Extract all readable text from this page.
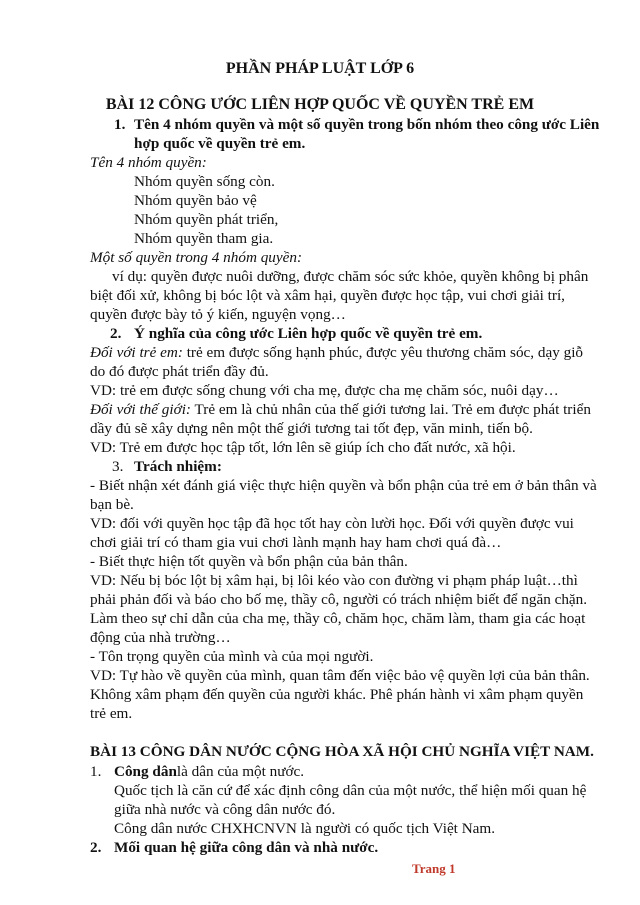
PHẦN PHÁP LUẬT LỚP 6
BÀI 12 CÔNG ƯỚC LIÊN HỢP QUỐC VỀ QUYỀN TRẺ EM
1. Tên 4 nhóm quyền và một số quyền trong bốn nhóm theo công ước Liên
hợp quốc về quyền trẻ em.
Tên 4 nhóm quyền:
Nhóm quyền sống còn.
Nhóm quyền bảo vệ
Nhóm quyền phát triển,
Nhóm quyền tham gia.
Một số quyền trong 4 nhóm quyền:
ví dụ: quyền được nuôi dưỡng, được chăm sóc sức khỏe, quyền không bị phân
biệt đối xử, không bị bóc lột và xâm hại, quyền được học tập, vui chơi giải trí,
quyền được bày tỏ ý kiến, nguyện vọng…
2. Ý nghĩa của công ước Liên hợp quốc về quyền trẻ em.
Đối với trẻ em: trẻ em được sống hạnh phúc, được yêu thương chăm sóc, dạy giỗ
do đó được phát triển đầy đủ.
VD: trẻ em được sống chung với cha mẹ, được cha mẹ chăm sóc, nuôi dạy…
Đối với thế giới: Trẻ em là chủ nhân của thế giới tương lai. Trẻ em được phát triển
dầy đủ sẽ xây dựng nên một thế giới tương tai tốt đẹp, văn minh, tiến bộ.
VD: Trẻ em được học tập tốt, lớn lên sẽ giúp ích cho đất nước, xã hội.
3. Trách nhiệm:
- Biết nhận xét đánh giá việc thực hiện quyền và bổn phận của trẻ em ở bản thân và
bạn bè.
VD: đối với quyền học tập đã học tốt hay còn lười học. Đối với quyền được vui
chơi giải trí có tham gia vui chơi lành mạnh hay ham chơi quá đà…
- Biết thực hiện tốt quyền và bổn phận của bản thân.
VD: Nếu bị bóc lột bị xâm hại, bị lôi kéo vào con đường vi phạm pháp luật…thì
phải phản đối và báo cho bố mẹ, thầy cô, người có trách nhiệm biết để ngăn chặn.
Làm theo sự chỉ dẫn của cha mẹ, thầy cô, chăm học, chăm làm, tham gia các hoạt
động của nhà trường…
- Tôn trọng quyền của mình và của mọi người.
VD: Tự hào về quyền của mình, quan tâm đến việc bảo vệ quyền lợi của bản thân.
Không xâm phạm đến quyền của người khác. Phê phán hành vi xâm phạm quyền
trẻ em.
BÀI 13 CÔNG DÂN NƯỚC CỘNG HÒA XÃ HỘI CHỦ NGHĨA VIỆT NAM.
1. Công dânlà dân của một nước.
Quốc tịch là căn cứ để xác định công dân của một nước, thể hiện mối quan hệ
giữa nhà nước và công dân nước đó.
Công dân nước CHXHCNVN là người có quốc tịch Việt Nam.
2. Mối quan hệ giữa công dân và nhà nước.
Trang 1
